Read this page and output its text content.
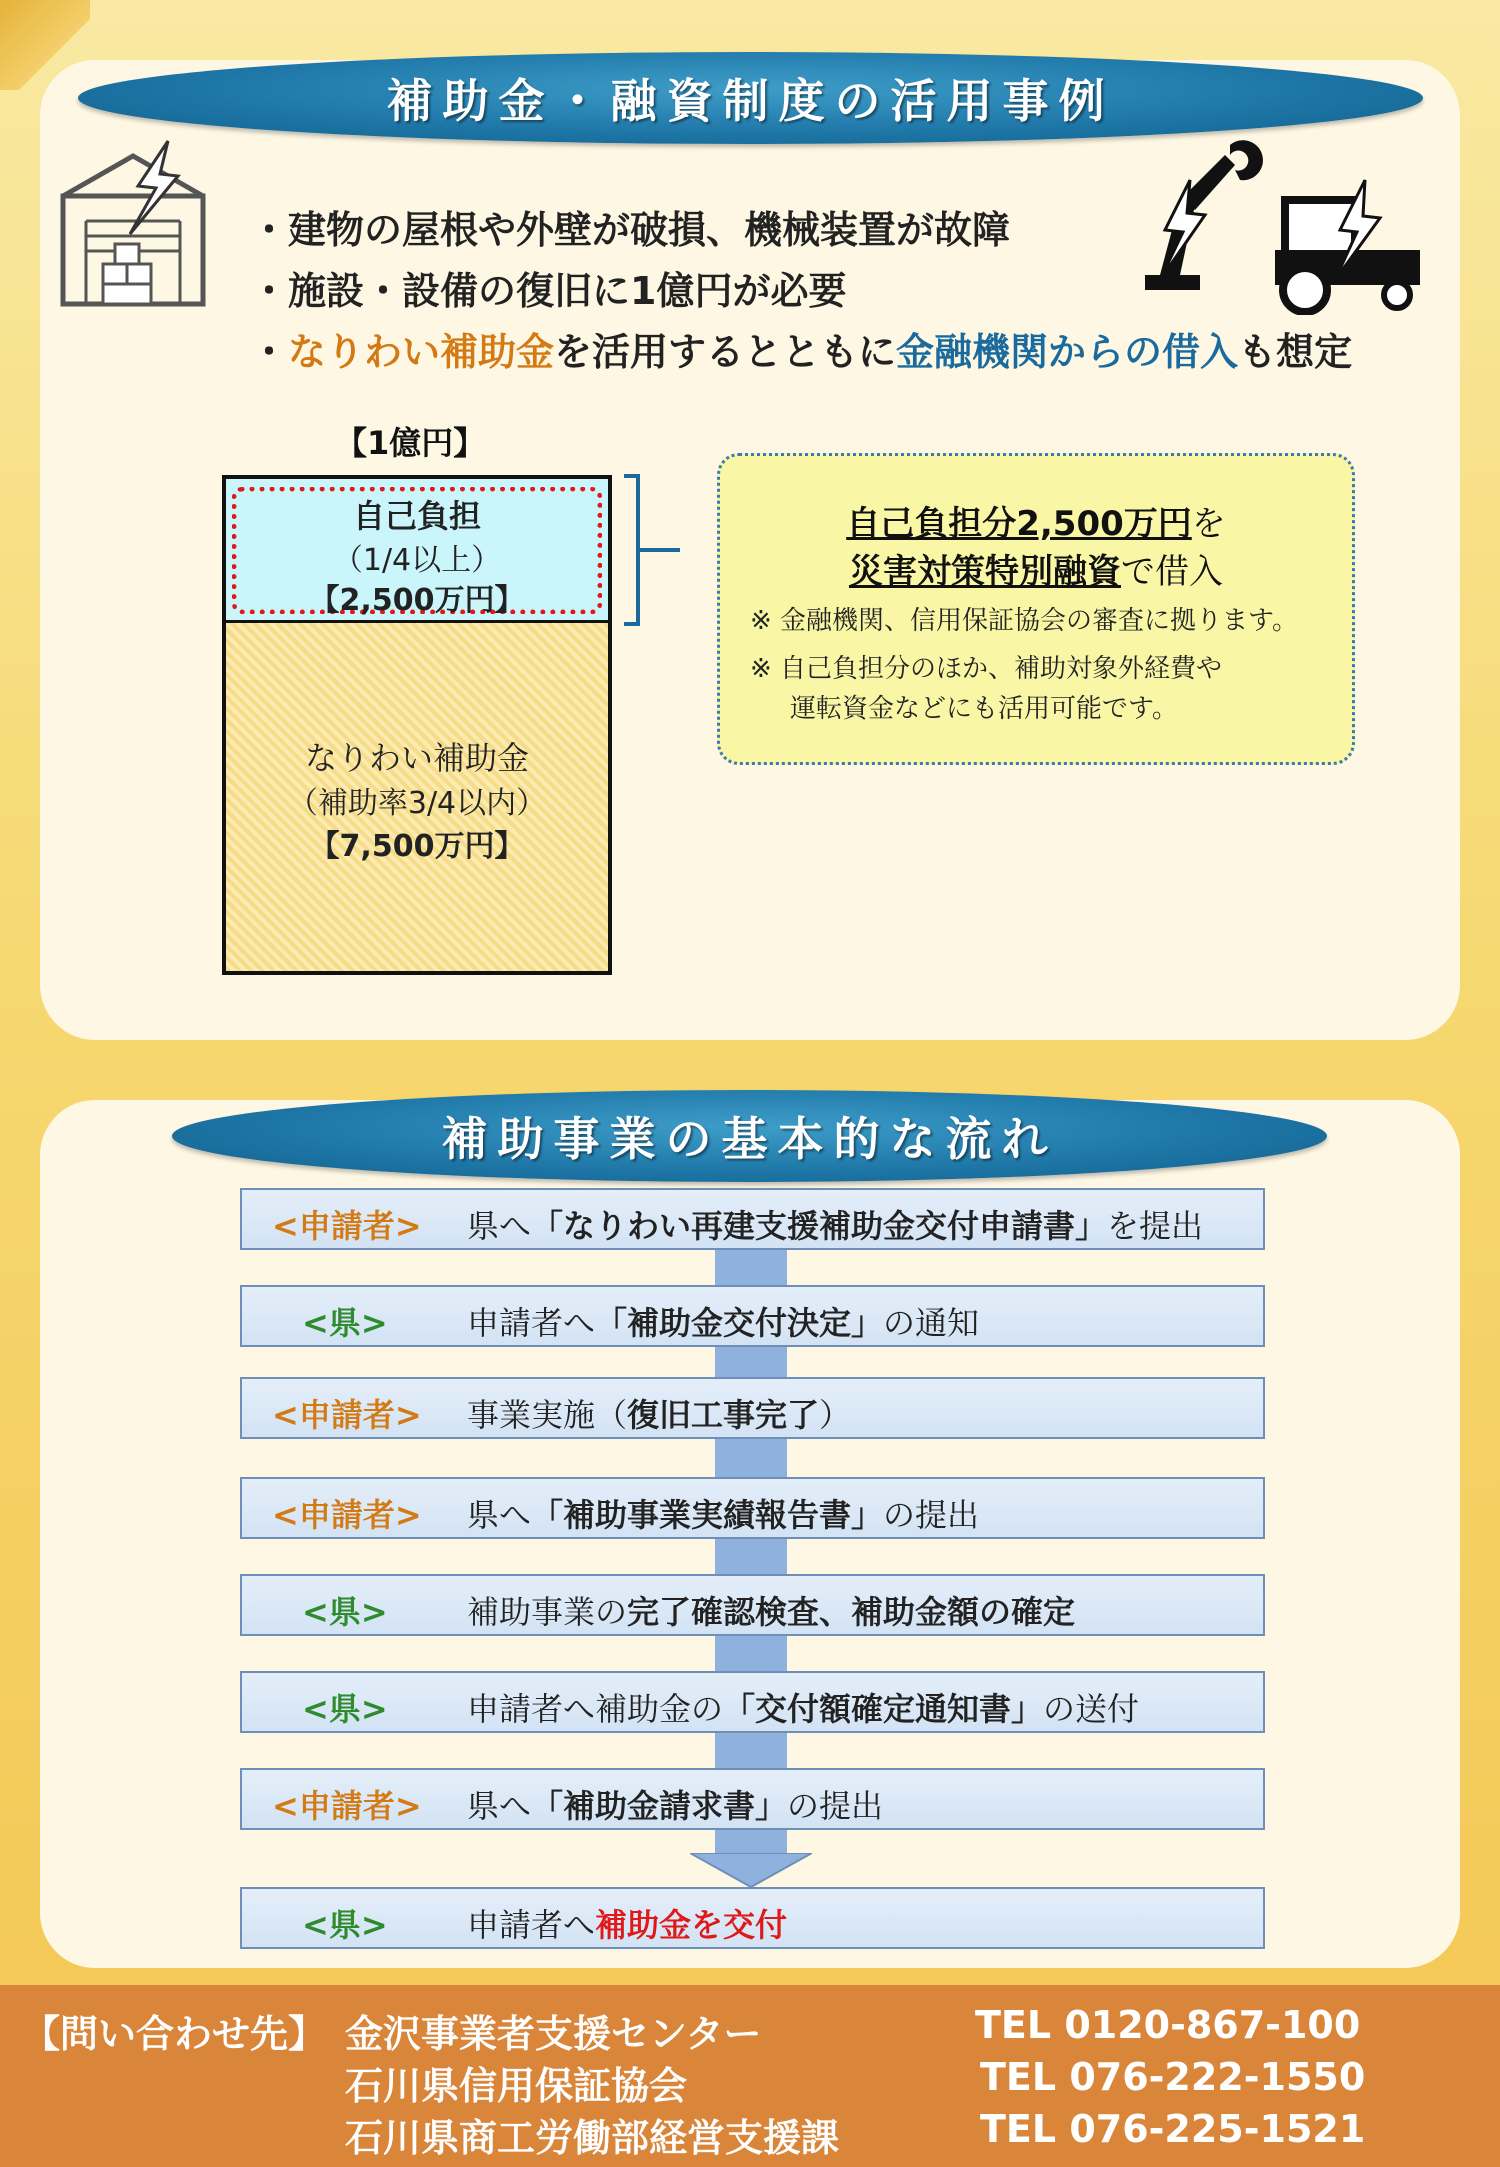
補助金・融資制度の活用事例
・建物の屋根や外壁が破損、機械装置が故障
・施設・設備の復旧に1億円が必要
・なりわい補助金を活用するとともに金融機関からの借入も想定
【1億円】
自己負担
（1/4以上）
【2,500万円】
なりわい補助金
（補助率3/4以内）
【7,500万円】
自己負担分2,500万円を
災害対策特別融資で借入
※ 金融機関、信用保証協会の審査に拠ります。
※ 自己負担分のほか、補助対象外経費や
運転資金などにも活用可能です。
補助事業の基本的な流れ
<申請者> 県へ「なりわい再建支援補助金交付申請書」を提出
<県> 申請者へ「補助金交付決定」の通知
<申請者> 事業実施（復旧工事完了）
<申請者> 県へ「補助事業実績報告書」の提出
<県> 補助事業の完了確認検査、補助金額の確定
<県> 申請者へ補助金の「交付額確定通知書」の送付
<申請者> 県へ「補助金請求書」の提出
<県> 申請者へ補助金を交付
【問い合わせ先】 金沢事業者支援センター	TEL 0120-867-100
石川県信用保証協会	TEL 076-222-1550
石川県商工労働部経営支援課	TEL 076-225-1521
